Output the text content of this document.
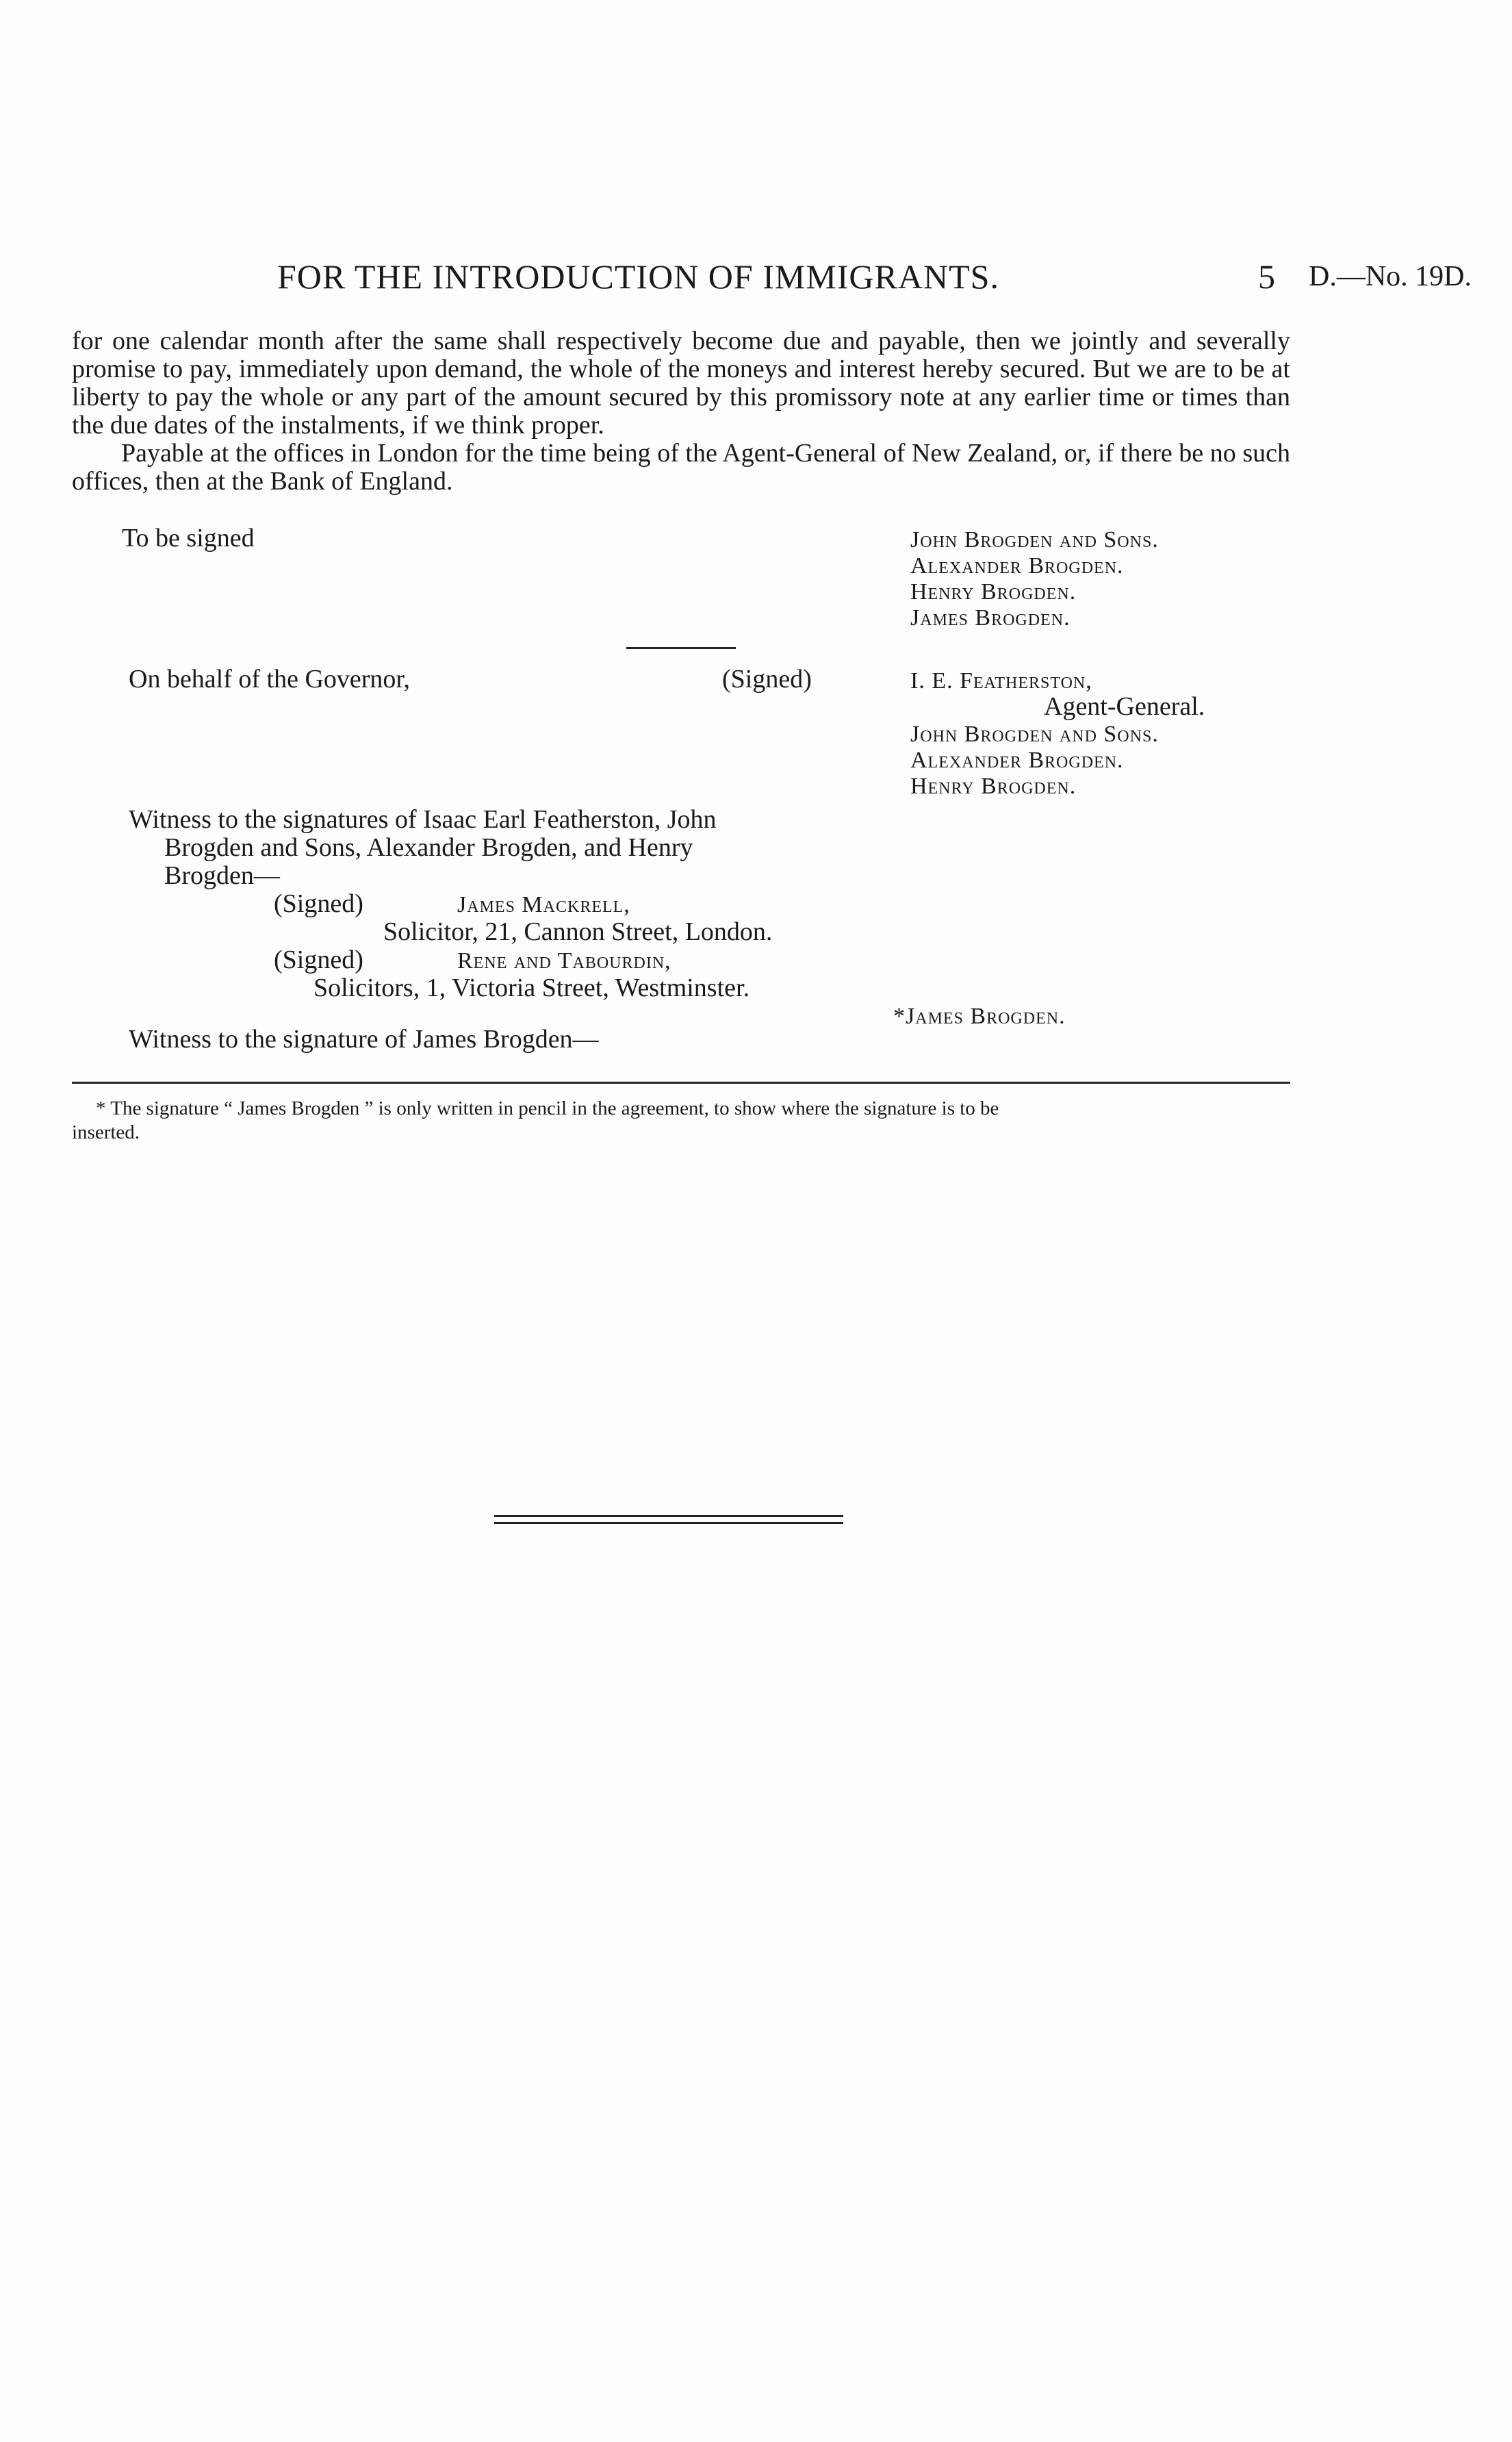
FOR THE INTRODUCTION OF IMMIGRANTS.	5 D.—No. 19D.

for one calendar month after the same shall respectively become due and payable, then we jointly and severally promise to pay, immediately upon demand, the whole of the moneys and interest hereby secured. But we are to be at liberty to pay the whole or any part of the amount secured by this promissory note at any earlier time or times than the due dates of the instalments, if we think proper.

Payable at the offices in London for the time being of the Agent-General of New Zealand, or, if there be no such offices, then at the Bank of England.

To be signed	John Brogden and Sons.
Alexander Brogden.
Henry Brogden.
James Brogden.
On behalf of the Governor,	(Signed)	I. E. Featherston,
Agent-General.
John Brogden and Sons.
Alexander Brogden.
Henry Brogden.
Witness to the signatures of Isaac Earl Featherston, John
Brogden and Sons, Alexander Brogden, and Henry
Brogden—
(Signed)	James Mackrell,
Solicitor, 21, Cannon Street, London.
(Signed)	Rene and Tabourdin,
Solicitors, 1, Victoria Street, Westminster.
*James Brogden.
Witness to the signature of James Brogden—
* The signature “ James Brogden ” is only written in pencil in the agreement, to show where the signature is to be
inserted.
